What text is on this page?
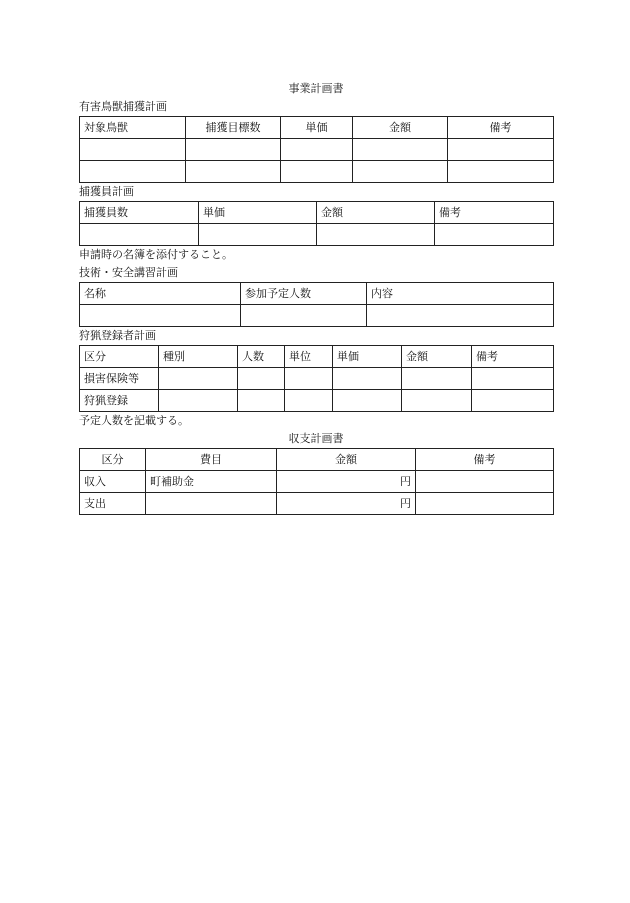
事業計画書
有害鳥獣捕獲計画
対象鳥獣	捕獲目標数	単価	金額	備考

捕獲員計画
捕獲員数	単価	金額	備考

申請時の名簿を添付すること。
技術・安全講習計画
名称	参加予定人数	内容

狩猟登録者計画
区分	種別	人数	単位	単価	金額	備考
損害保険等						
狩猟登録						
予定人数を記載する。
収支計画書
区分	費目	金額	備考
収入	町補助金	円	
支出		円	
